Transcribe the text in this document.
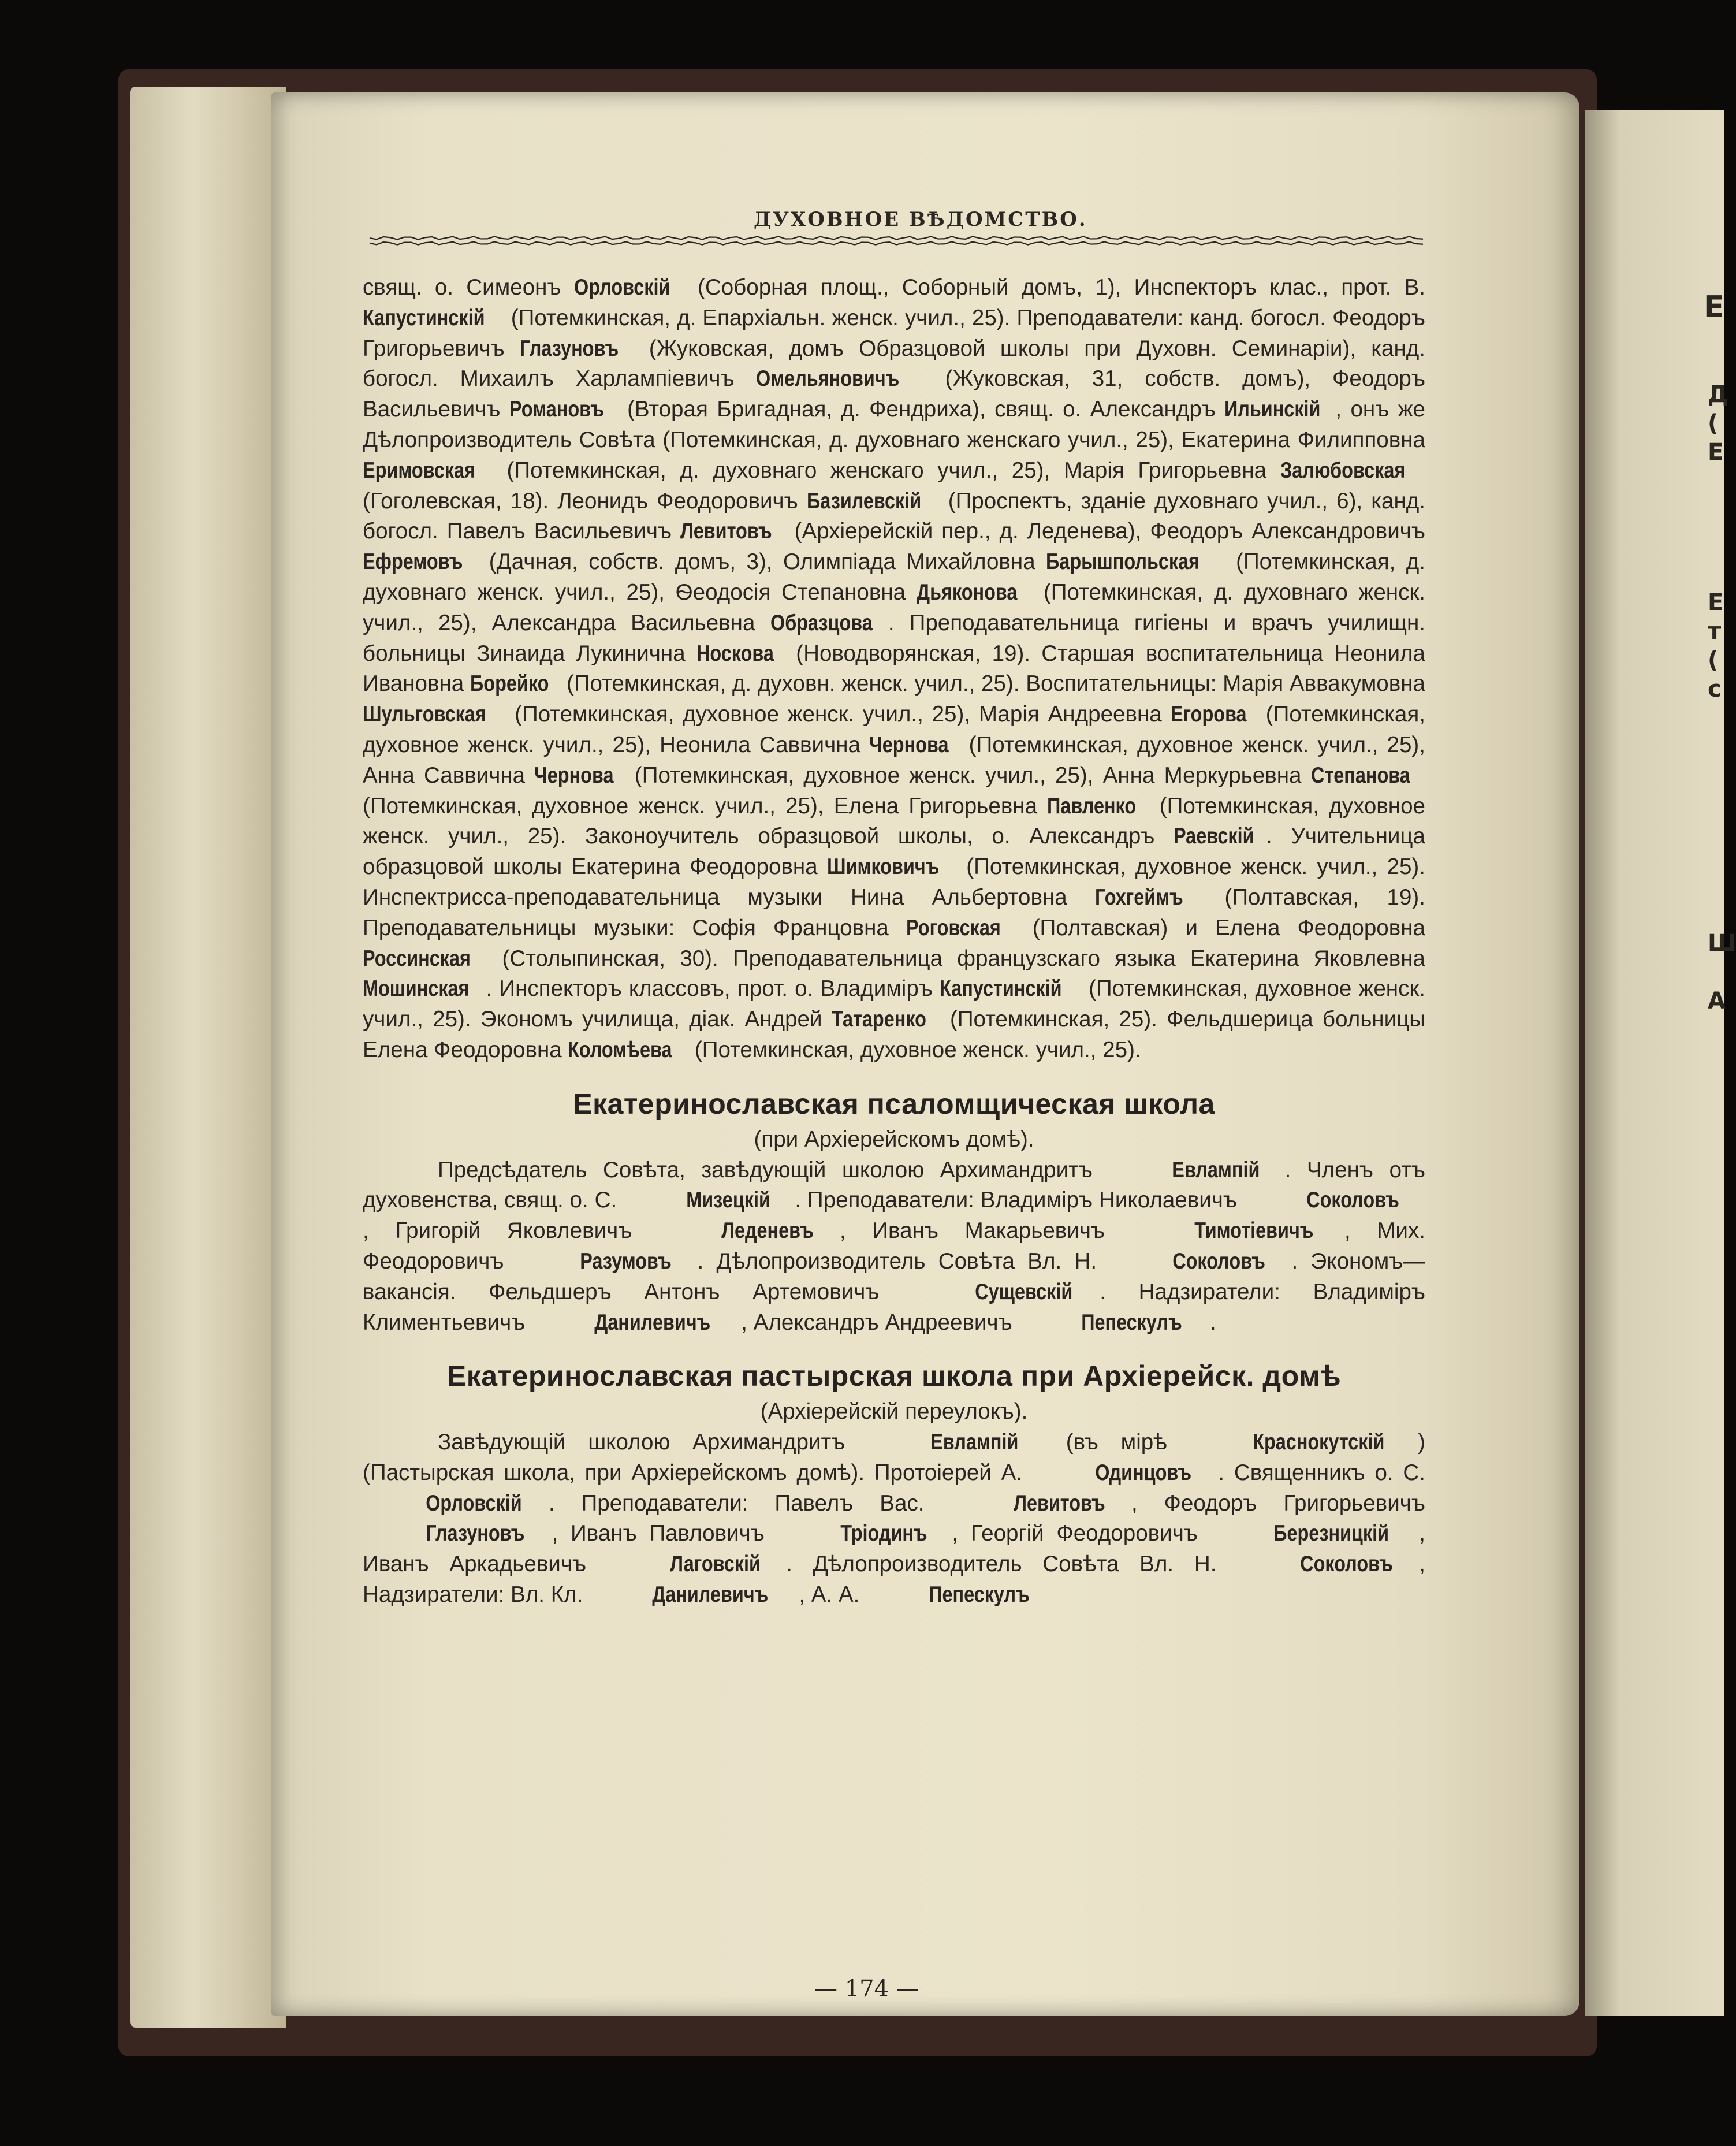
Е
Д
(
Е
Е
т
(
с
Ш
А
ДУХОВНОЕ ВѢДОМСТВО.

свящ. о. Симеонъ Орловскій (Соборная площ., Соборный домъ, 1), Инспекторъ клас., прот. В. Капустинскій (Потемкинская, д. Епархіальн. женск. учил., 25). Преподаватели: канд. богосл. Феодоръ Григорьевичъ Глазуновъ (Жуковская, домъ Образцовой школы при Духовн. Семинаріи), канд. богосл. Михаилъ Харлампіевичъ Омельяновичъ (Жуковская, 31, собств. домъ), Феодоръ Васильевичъ Романовъ (Вторая Бригадная, д. Фендриха), свящ. о. Александръ Ильинскій , онъ же Дѣлопроизводитель Совѣта (Потемкинская, д. духовнаго женскаго учил., 25), Екатерина Филипповна Еримовская (Потемкинская, д. духовнаго женскаго учил., 25), Марія Григорьевна Залюбовская (Гоголевская, 18). Леонидъ Феодоровичъ Базилевскій (Проспектъ, зданіе духовнаго учил., 6), канд. богосл. Павелъ Васильевичъ Левитовъ (Архіерейскій пер., д. Леденева), Феодоръ Александровичъ Ефремовъ (Дачная, собств. домъ, 3), Олимпіада Михайловна Барышпольская (Потемкинская, д. духовнаго женск. учил., 25), Ѳеодосія Степановна Дьяконова (Потемкинская, д. духовнаго женск. учил., 25), Александра Васильевна Образцова . Преподавательница гигіены и врачъ училищн. больницы Зинаида Лукинична Носкова (Новодворянская, 19). Старшая воспитательница Неонила Ивановна Борейко (Потемкинская, д. духовн. женск. учил., 25). Воспитательницы: Марія Аввакумовна Шульговская (Потемкинская, духовное женск. учил., 25), Марія Андреевна Егорова (Потемкинская, духовное женск. учил., 25), Неонила Саввична Чернова (Потемкинская, духовное женск. учил., 25), Анна Саввична Чернова (Потемкинская, духовное женск. учил., 25), Анна Меркурьевна Степанова (Потемкинская, духовное женск. учил., 25), Елена Григорьевна Павленко (Потемкинская, духовное женск. учил., 25). Законоучитель образцовой школы, о. Александръ Раевскій . Учительница образцовой школы Екатерина Феодоровна Шимковичъ (Потемкинская, духовное женск. учил., 25). Инспектрисса-преподавательница музыки Нина Альбертовна Гохгеймъ (Полтавская, 19). Преподавательницы музыки: Софія Францовна Роговская (Полтавская) и Елена Феодоровна Россинская (Столыпинская, 30). Преподавательница французскаго языка Екатерина Яковлевна Мошинская . Инспекторъ классовъ, прот. о. Владиміръ Капустинскій (Потемкинская, духовное женск. учил., 25). Экономъ училища, діак. Андрей Татаренко (Потемкинская, 25). Фельдшерица больницы Елена Феодоровна Коломѣева (Потемкинская, духовное женск. учил., 25).

Екатеринославская псаломщическая школа

(при Архіерейскомъ домѣ).

Предсѣдатель Совѣта, завѣдующій школою Архимандритъ	Евлампій . Членъ отъ духовенства, свящ. о. С.	Мизецкій . Преподаватели: Владиміръ Николаевичъ	Соколовъ, Григорій Яковлевичъ	Леденевъ , Иванъ Макарьевичъ	Тимотіевичъ , Мих. Феодоровичъ	Разумовъ . Дѣлопроизводитель Совѣта Вл. Н.	Соколовъ . Экономъ—вакансія. Фельдшеръ Антонъ Артемовичъ	Сущевскій . Надзиратели: Владиміръ Климентьевичъ	Данилевичъ , Александръ Андреевичъ	Пепескулъ .

Екатеринославская пастырская школа при Архіерейск. домѣ

(Архіерейскій переулокъ).

Завѣдующій школою Архимандритъ	Евлампій (въ мірѣ	Краснокутскій ) (Пастырская школа, при Архіерейскомъ домѣ). Протоіерей А.	Одинцовъ . Священникъ о. С. Орловскій . Преподаватели: Павелъ Вас.	Левитовъ , Феодоръ Григорьевичъ Глазуновъ , Иванъ Павловичъ	Тріодинъ , Георгій Феодоровичъ	Березницкій , Иванъ Аркадьевичъ	Лаговскій . Дѣлопроизводитель Совѣта Вл. Н.	Соколовъ , Надзиратели: Вл. Кл.	Данилевичъ , А. А.	Пепескулъ

— 174 —
